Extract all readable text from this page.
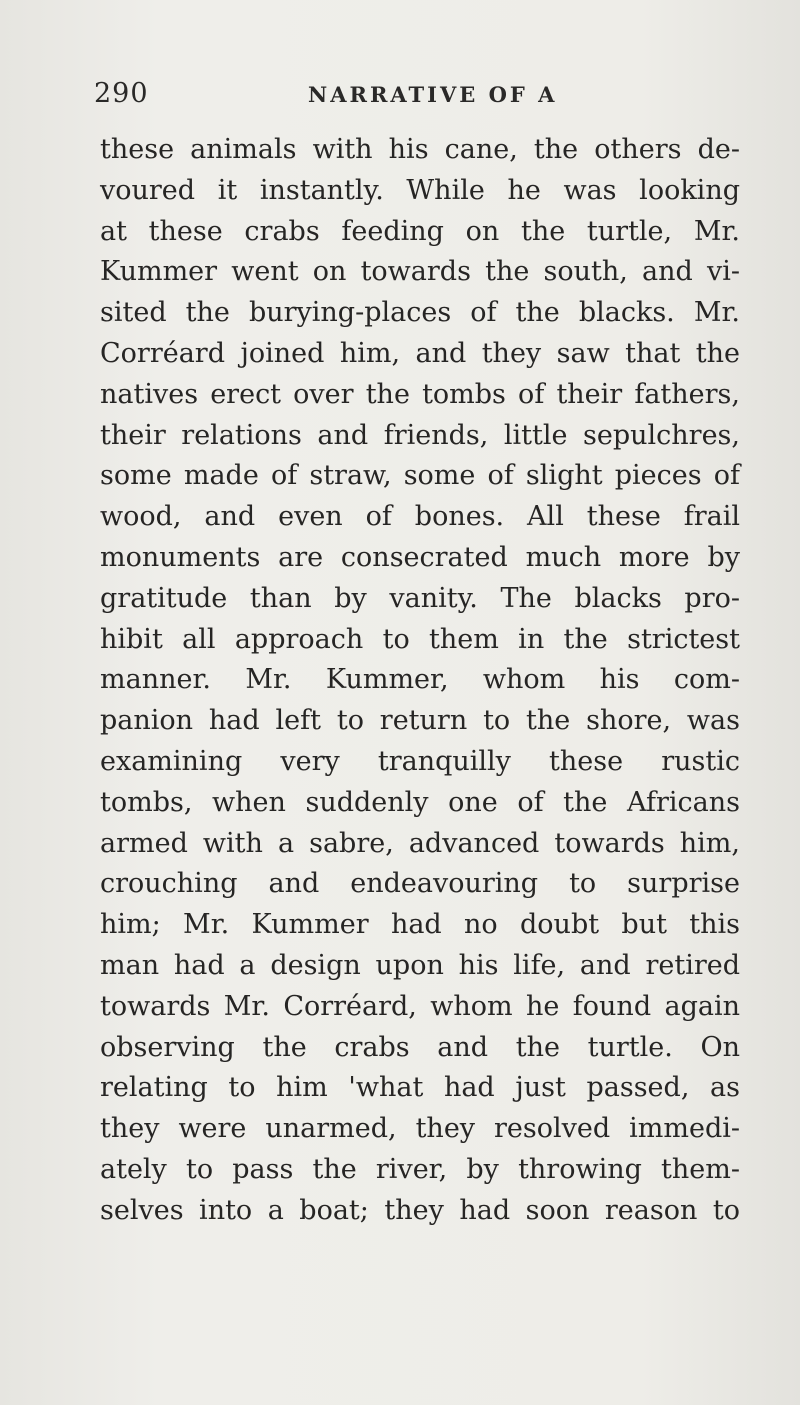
290	NARRATIVE OF A
these animals with his cane, the others de-
voured it instantly. While he was looking
at these crabs feeding on the turtle, Mr.
Kummer went on towards the south, and vi-
sited the burying-places of the blacks. Mr.
Corréard joined him, and they saw that the
natives erect over the tombs of their fathers,
their relations and friends, little sepulchres,
some made of straw, some of slight pieces of
wood, and even of bones. All these frail
monuments are consecrated much more by
gratitude than by vanity. The blacks pro-
hibit all approach to them in the strictest
manner. Mr. Kummer, whom his com-
panion had left to return to the shore, was
examining very tranquilly these rustic
tombs, when suddenly one of the Africans
armed with a sabre, advanced towards him,
crouching and endeavouring to surprise
him; Mr. Kummer had no doubt but this
man had a design upon his life, and retired
towards Mr. Corréard, whom he found again
observing the crabs and the turtle. On
relating to him 'what had just passed, as
they were unarmed, they resolved immedi-
ately to pass the river, by throwing them-
selves into a boat; they had soon reason to
